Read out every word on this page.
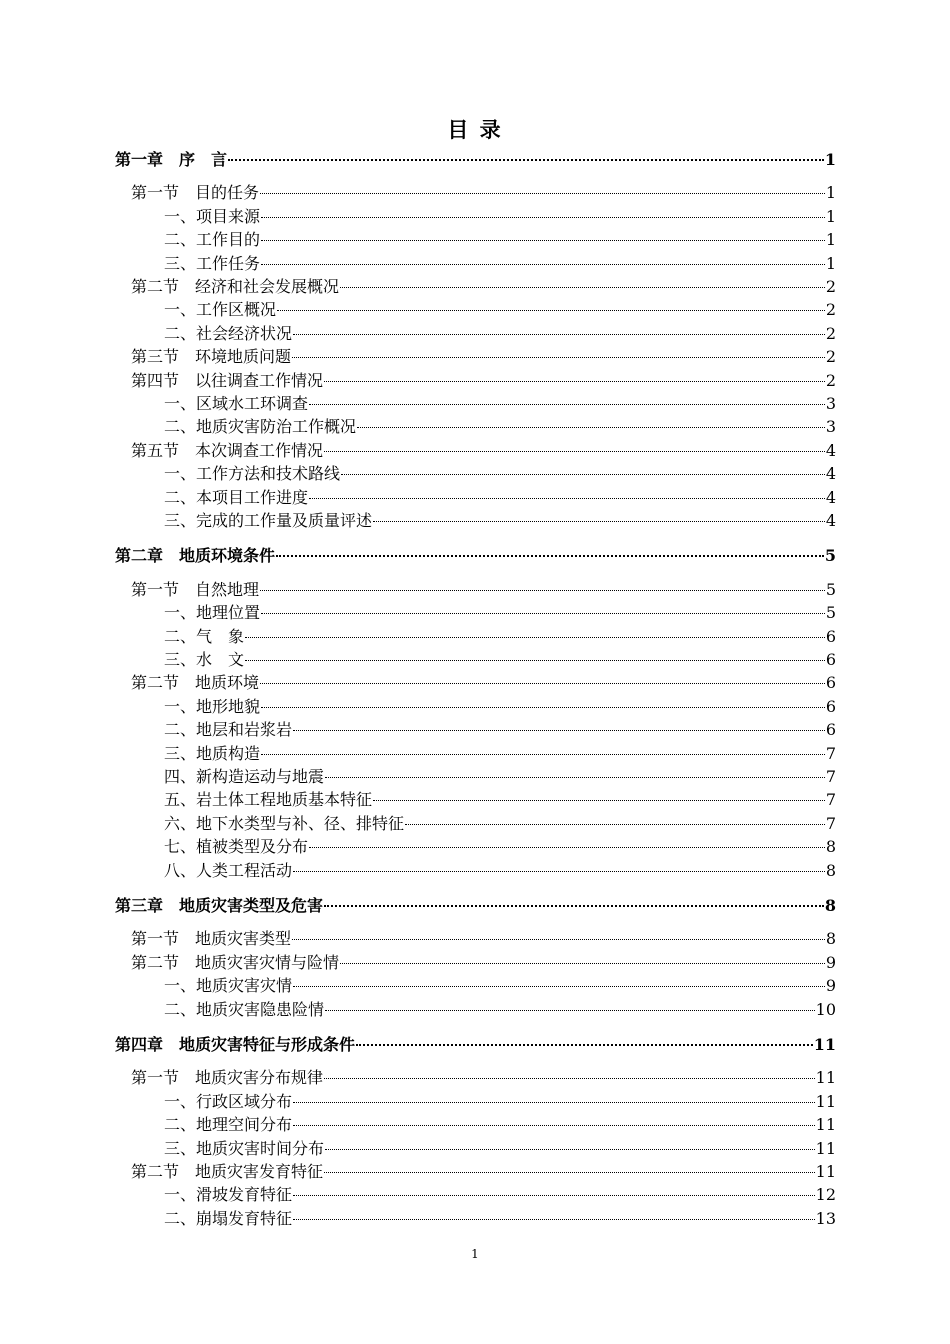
目 录
第一章　序　言	1
第一节　目的任务	1
一、项目来源	1
二、工作目的	1
三、工作任务	1
第二节　经济和社会发展概况	2
一、工作区概况	2
二、社会经济状况	2
第三节　环境地质问题	2
第四节　以往调查工作情况	2
一、区域水工环调查	3
二、地质灾害防治工作概况	3
第五节　本次调查工作情况	4
一、工作方法和技术路线	4
二、本项目工作进度	4
三、完成的工作量及质量评述	4
第二章　地质环境条件	5
第一节　自然地理	5
一、地理位置	5
二、气　象	6
三、水　文	6
第二节　地质环境	6
一、地形地貌	6
二、地层和岩浆岩	6
三、地质构造	7
四、新构造运动与地震	7
五、岩土体工程地质基本特征	7
六、地下水类型与补、径、排特征	7
七、植被类型及分布	8
八、人类工程活动	8
第三章　地质灾害类型及危害	8
第一节　地质灾害类型	8
第二节　地质灾害灾情与险情	9
一、地质灾害灾情	9
二、地质灾害隐患险情	10
第四章　地质灾害特征与形成条件	11
第一节　地质灾害分布规律	11
一、行政区域分布	11
二、地理空间分布	11
三、地质灾害时间分布	11
第二节　地质灾害发育特征	11
一、滑坡发育特征	12
二、崩塌发育特征	13
1
